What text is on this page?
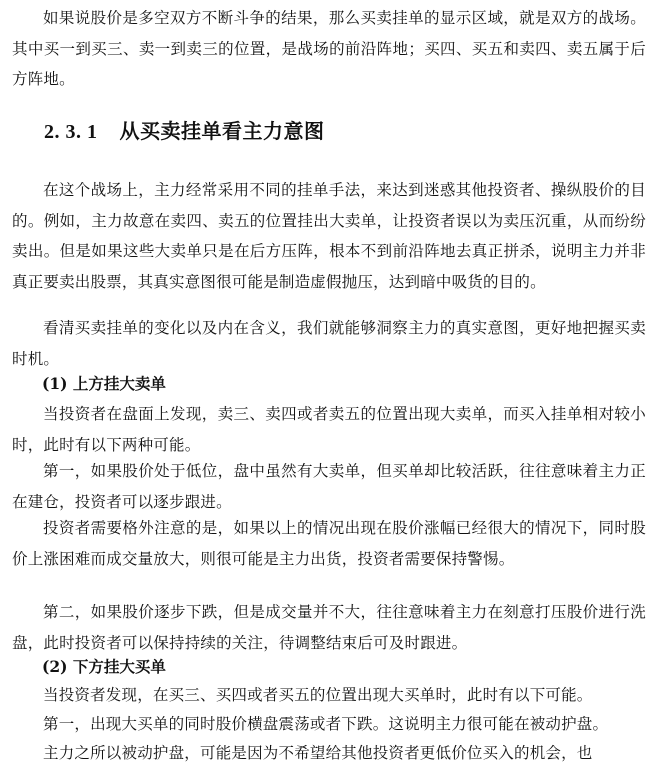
如果说股价是多空双方不断斗争的结果，那么买卖挂单的显示区域，就是双方的战场。其中买一到买三、卖一到卖三的位置，是战场的前沿阵地；买四、买五和卖四、卖五属于后方阵地。

2. 3. 1 从买卖挂单看主力意图

在这个战场上，主力经常采用不同的挂单手法，来达到迷惑其他投资者、操纵股价的目的。例如，主力故意在卖四、卖五的位置挂出大卖单，让投资者误以为卖压沉重，从而纷纷卖出。但是如果这些大卖单只是在后方压阵，根本不到前沿阵地去真正拼杀，说明主力并非真正要卖出股票，其真实意图很可能是制造虚假抛压，达到暗中吸货的目的。

看清买卖挂单的变化以及内在含义，我们就能够洞察主力的真实意图，更好地把握买卖时机。

(1) 上方挂大卖单

当投资者在盘面上发现，卖三、卖四或者卖五的位置出现大卖单，而买入挂单相对较小时，此时有以下两种可能。

第一，如果股价处于低位，盘中虽然有大卖单，但买单却比较活跃，往往意味着主力正在建仓，投资者可以逐步跟进。

投资者需要格外注意的是，如果以上的情况出现在股价涨幅已经很大的情况下，同时股价上涨困难而成交量放大，则很可能是主力出货，投资者需要保持警惕。

第二，如果股价逐步下跌，但是成交量并不大，往往意味着主力在刻意打压股价进行洗盘，此时投资者可以保持持续的关注，待调整结束后可及时跟进。

(2) 下方挂大买单

当投资者发现，在买三、买四或者买五的位置出现大买单时，此时有以下可能。

第一，出现大买单的同时股价横盘震荡或者下跌。这说明主力很可能在被动护盘。

主力之所以被动护盘，可能是因为不希望给其他投资者更低价位买入的机会，也
